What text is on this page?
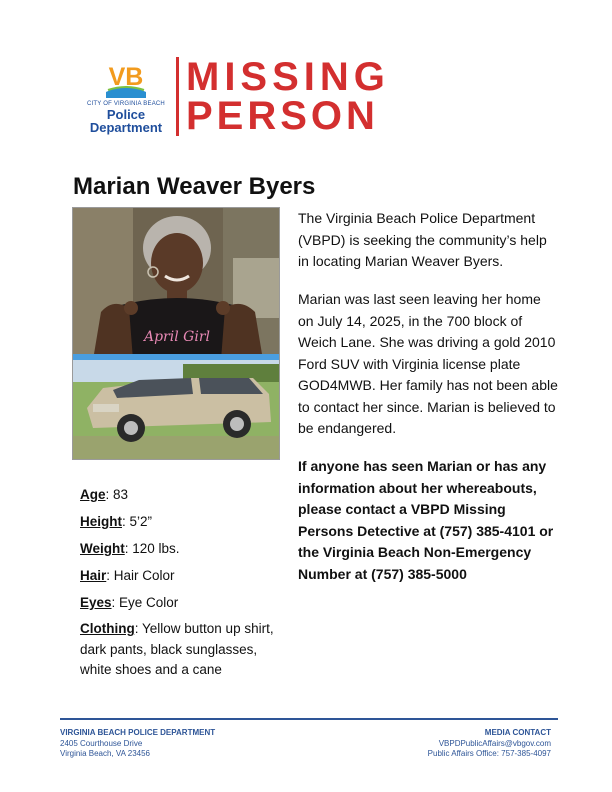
VB
CITY OF VIRGINIA BEACH
Police
Department
MISSING
PERSON
Marian Weaver Byers
April Girl
The Virginia Beach Police Department (VBPD) is seeking the community’s help in locating Marian Weaver Byers.
Marian was last seen leaving her home on July 14, 2025, in the 700 block of Weich Lane. She was driving a gold 2010 Ford SUV with Virginia license plate GOD4MWB. Her family has not been able to contact her since. Marian is believed to be endangered.
If anyone has seen Marian or has any information about her whereabouts, please contact a VBPD Missing Persons Detective at (757) 385-4101 or the Virginia Beach Non-Emergency Number at (757) 385-5000
Age: 83
Height: 5’2”
Weight: 120 lbs.
Hair: Hair Color
Eyes: Eye Color
Clothing: Yellow button up shirt, dark pants, black sunglasses, white shoes and a cane
VIRGINIA BEACH POLICE DEPARTMENT
2405 Courthouse Drive
Virginia Beach, VA 23456
MEDIA CONTACT
VBPDPublicAffairs@vbgov.com
Public Affairs Office: 757-385-4097
